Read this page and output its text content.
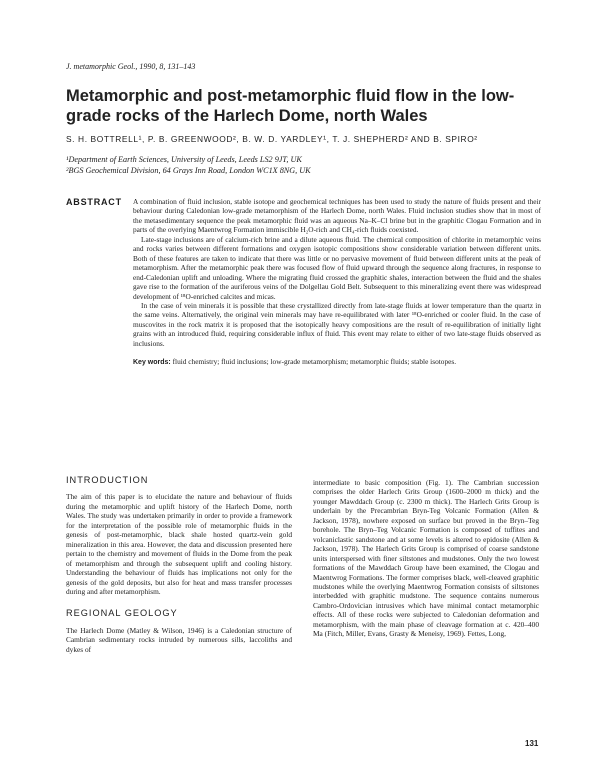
J. metamorphic Geol., 1990, 8, 131–143
Metamorphic and post-metamorphic fluid flow in the low-grade rocks of the Harlech Dome, north Wales
S. H. BOTTRELL¹, P. B. GREENWOOD², B. W. D. YARDLEY¹, T. J. SHEPHERD² AND B. SPIRO²
¹Department of Earth Sciences, University of Leeds, Leeds LS2 9JT, UK
²BGS Geochemical Division, 64 Grays Inn Road, London WC1X 8NG, UK
ABSTRACT A combination of fluid inclusion, stable isotope and geochemical techniques has been used to study the nature of fluids present and their behaviour during Caledonian low-grade metamorphism of the Harlech Dome, north Wales. Fluid inclusion studies show that in most of the metasedimentary sequence the peak metamorphic fluid was an aqueous Na–K–Cl brine but in the graphitic Clogau Formation and in parts of the overlying Maentwrog Formation immiscible H₂O-rich and CH₄-rich fluids coexisted.

Late-stage inclusions are of calcium-rich brine and a dilute aqueous fluid. The chemical composition of chlorite in metamorphic veins and rocks varies between different formations and oxygen isotopic compositions show considerable variation between different units. Both of these features are taken to indicate that there was little or no pervasive movement of fluid between different units at the peak of metamorphism. After the metamorphic peak there was focused flow of fluid upward through the sequence along fractures, in response to end-Caledonian uplift and unloading. Where the migrating fluid crossed the graphitic shales, interaction between the fluid and the shales gave rise to the formation of the auriferous veins of the Dolgellau Gold Belt. Subsequent to this mineralizing event there was widespread development of ¹⁸O-enriched calcites and micas.

In the case of vein minerals it is possible that these crystallized directly from late-stage fluids at lower temperature than the quartz in the same veins. Alternatively, the original vein minerals may have re-equilibrated with later ¹⁸O-enriched or cooler fluid. In the case of muscovites in the rock matrix it is proposed that the isotopically heavy compositions are the result of re-equilibration of initially light grains with an introduced fluid, requiring considerable influx of fluid. This event may relate to either of two late-stage fluids observed as inclusions.

Key words: fluid chemistry; fluid inclusions; low-grade metamorphism; metamorphic fluids; stable isotopes.

INTRODUCTION

The aim of this paper is to elucidate the nature and behaviour of fluids during the metamorphic and uplift history of the Harlech Dome, north Wales. The study was undertaken primarily in order to provide a framework for the interpretation of the possible role of metamorphic fluids in the genesis of post-metamorphic, black shale hosted quartz-vein gold mineralization in this area. However, the data and discussion presented here pertain to the chemistry and movement of fluids in the Dome from the peak of metamorphism and through the subsequent uplift and cooling history. Understanding the behaviour of fluids has implications not only for the genesis of the gold deposits, but also for heat and mass transfer processes during and after metamorphism.

REGIONAL GEOLOGY

The Harlech Dome (Matley & Wilson, 1946) is a Caledonian structure of Cambrian sedimentary rocks intruded by numerous sills, laccoliths and dykes of

intermediate to basic composition (Fig. 1). The Cambrian succession comprises the older Harlech Grits Group (1600–2000 m thick) and the younger Mawddach Group (c. 2300 m thick). The Harlech Grits Group is underlain by the Precambrian Bryn-Teg Volcanic Formation (Allen & Jackson, 1978), nowhere exposed on surface but proved in the Bryn–Teg borehole. The Bryn–Teg Volcanic Formation is composed of tuffites and volcaniclastic sandstone and at some levels is altered to epidosite (Allen & Jackson, 1978). The Harlech Grits Group is comprised of coarse sandstone units interspersed with finer siltstones and mudstones. Only the two lowest formations of the Mawddach Group have been examined, the Clogau and Maentwrog Formations. The former comprises black, well-cleaved graphitic mudstones while the overlying Maentwrog Formation consists of siltstones interbedded with graphitic mudstone. The sequence contains numerous Cambro-Ordovician intrusives which have minimal contact metamorphic effects. All of these rocks were subjected to Caledonian deformation and metamorphism, with the main phase of cleavage formation at c. 420–400 Ma (Fitch, Miller, Evans, Grasty & Meneisy, 1969). Fettes, Long,

131
